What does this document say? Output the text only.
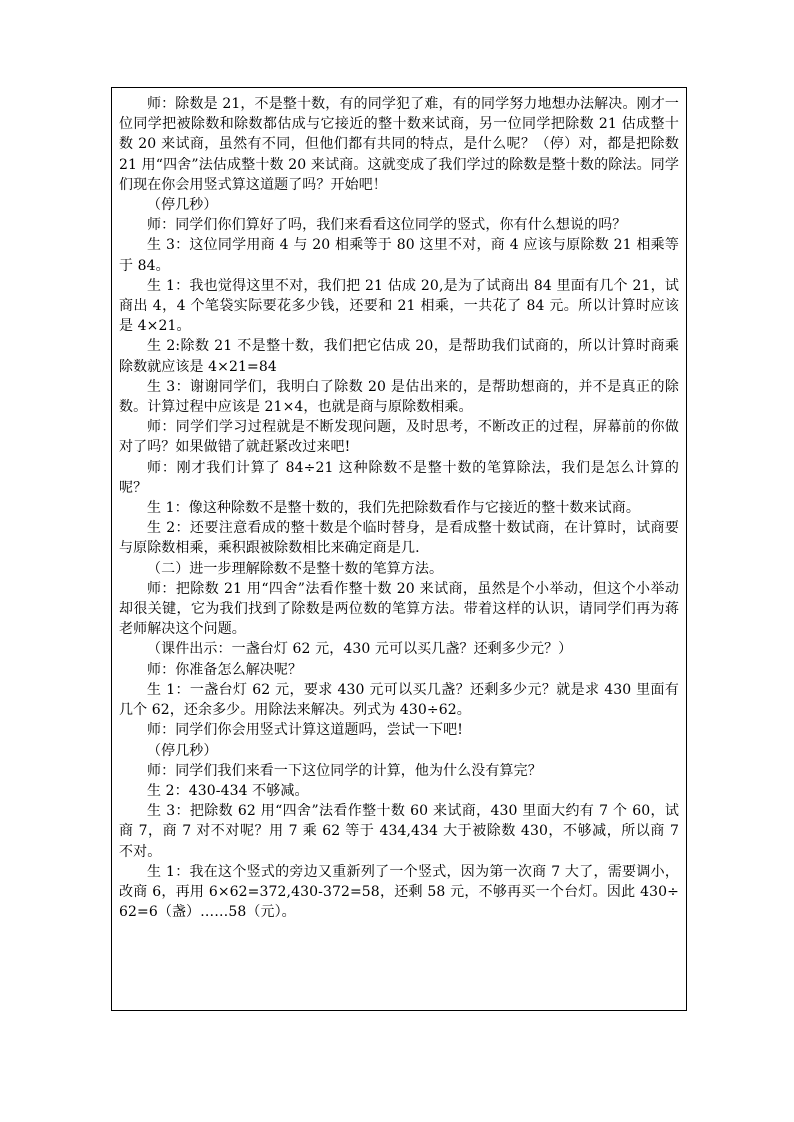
师：除数是 21，不是整十数，有的同学犯了难，有的同学努力地想办法解决。刚才一位同学把被除数和除数都估成与它接近的整十数来试商，另一位同学把除数 21 估成整十数 20 来试商，虽然有不同，但他们都有共同的特点，是什么呢？（停）对，都是把除数 21 用“四舍”法估成整十数 20 来试商。这就变成了我们学过的除数是整十数的除法。同学们现在你会用竖式算这道题了吗？开始吧！

（停几秒）

师：同学们你们算好了吗，我们来看看这位同学的竖式，你有什么想说的吗？

生 3：这位同学用商 4 与 20 相乘等于 80 这里不对，商 4 应该与原除数 21 相乘等于 84。

生 1：我也觉得这里不对，我们把 21 估成 20,是为了试商出 84 里面有几个 21，试商出 4，4 个笔袋实际要花多少钱，还要和 21 相乘，一共花了 84 元。所以计算时应该是 4×21。

生 2:除数 21 不是整十数，我们把它估成 20，是帮助我们试商的，所以计算时商乘除数就应该是 4×21=84

生 3：谢谢同学们，我明白了除数 20 是估出来的，是帮助想商的，并不是真正的除数。计算过程中应该是 21×4，也就是商与原除数相乘。

师：同学们学习过程就是不断发现问题，及时思考，不断改正的过程，屏幕前的你做对了吗？如果做错了就赶紧改过来吧!

师：刚才我们计算了 84÷21 这种除数不是整十数的笔算除法，我们是怎么计算的呢？

生 1：像这种除数不是整十数的，我们先把除数看作与它接近的整十数来试商。

生 2：还要注意看成的整十数是个临时替身，是看成整十数试商，在计算时，试商要与原除数相乘，乘积跟被除数相比来确定商是几.

（二）进一步理解除数不是整十数的笔算方法。

师：把除数 21 用“四舍”法看作整十数 20 来试商，虽然是个小举动，但这个小举动却很关键，它为我们找到了除数是两位数的笔算方法。带着这样的认识，请同学们再为蒋老师解决这个问题。

（课件出示：一盏台灯 62 元，430 元可以买几盏？还剩多少元？）

师：你准备怎么解决呢？

生 1：一盏台灯 62 元，要求 430 元可以买几盏？还剩多少元？就是求 430 里面有几个 62，还余多少。用除法来解决。列式为 430÷62。

师：同学们你会用竖式计算这道题吗，尝试一下吧!

（停几秒）

师：同学们我们来看一下这位同学的计算，他为什么没有算完？

生 2：430-434 不够减。

生 3：把除数 62 用“四舍”法看作整十数 60 来试商，430 里面大约有 7 个 60，试商 7，商 7 对不对呢？用 7 乘 62 等于 434,434 大于被除数 430，不够减，所以商 7 不对。

生 1：我在这个竖式的旁边又重新列了一个竖式，因为第一次商 7 大了，需要调小，改商 6，再用 6×62=372,430-372=58，还剩 58 元，不够再买一个台灯。因此 430÷62=6（盏）……58（元）。
